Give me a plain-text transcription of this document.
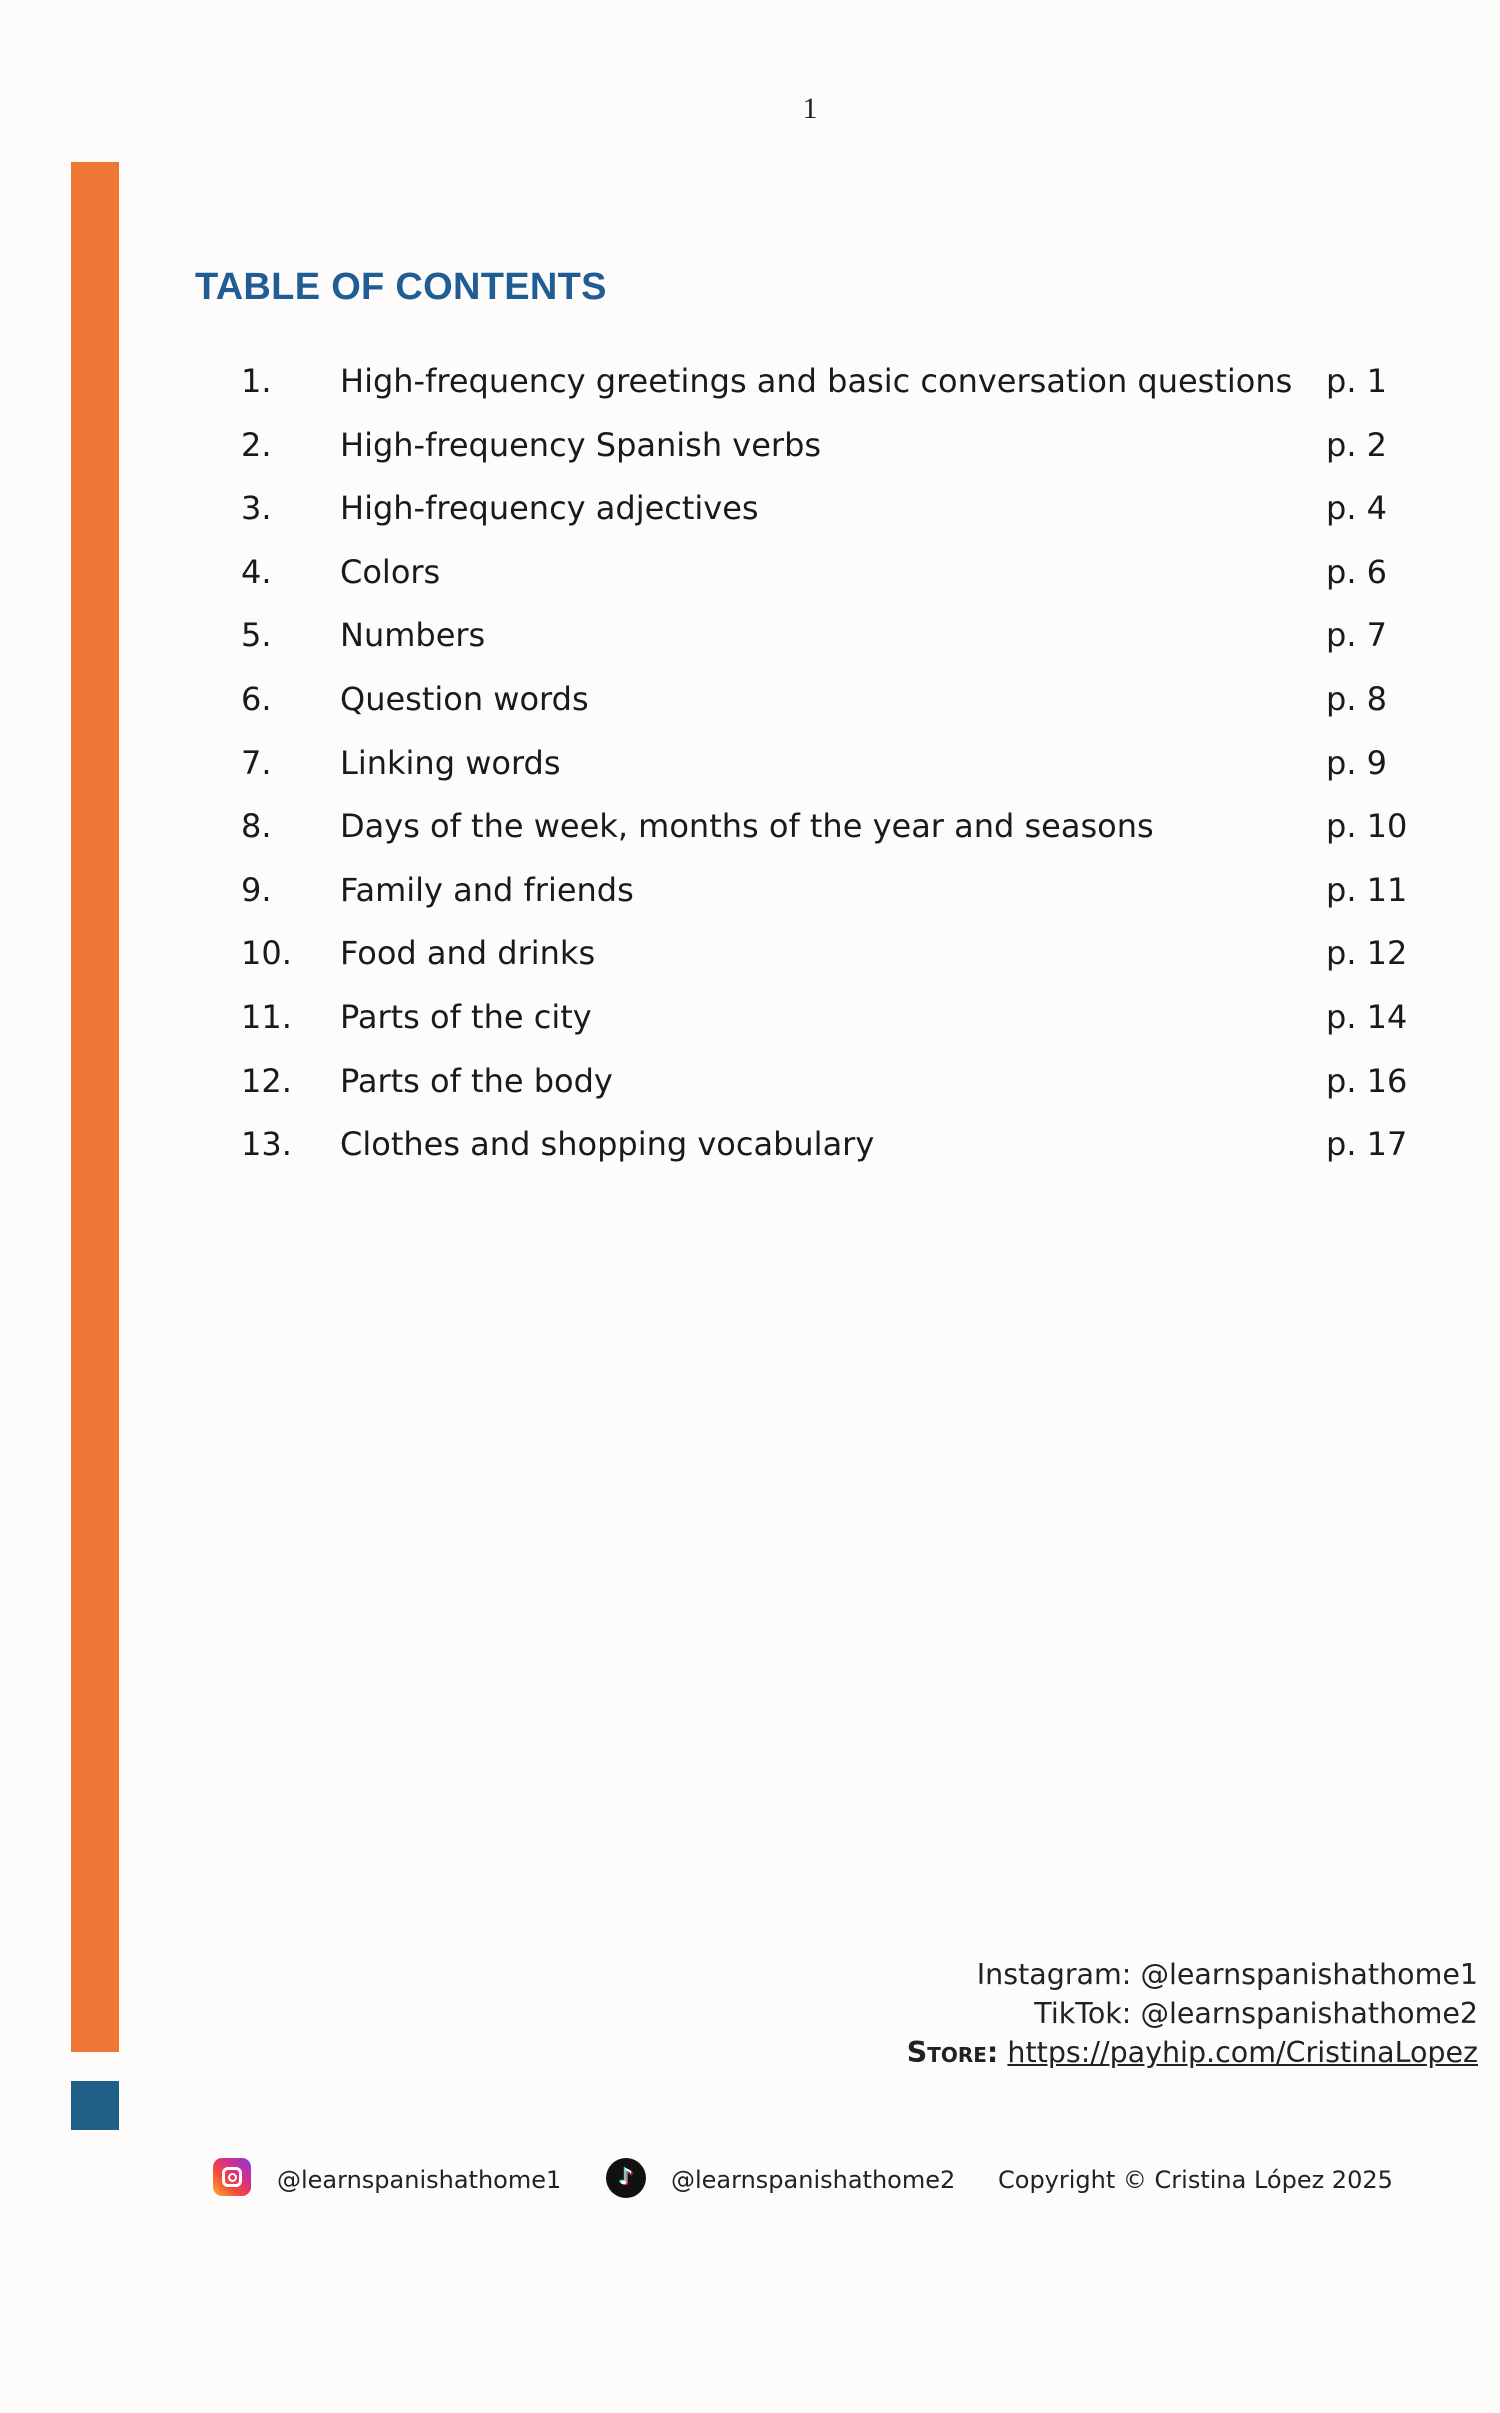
1
TABLE OF CONTENTS
1. High-frequency greetings and basic conversation questions p. 1
2. High-frequency Spanish verbs	p. 2
3. High-frequency adjectives	p. 4
4. Colors	p. 6
5. Numbers	p. 7
6. Question words	p. 8
7. Linking words	p. 9
8. Days of the week, months of the year and seasons	p. 10
9. Family and friends	p. 11
10. Food and drinks	p. 12
11. Parts of the city	p. 14
12. Parts of the body	p. 16
13. Clothes and shopping vocabulary	p. 17
Instagram: @learnspanishathome1
TikTok: @learnspanishathome2
Store: https://payhip.com/CristinaLopez
@learnspanishathome1	♪	@learnspanishathome2 Copyright © Cristina López 2025
